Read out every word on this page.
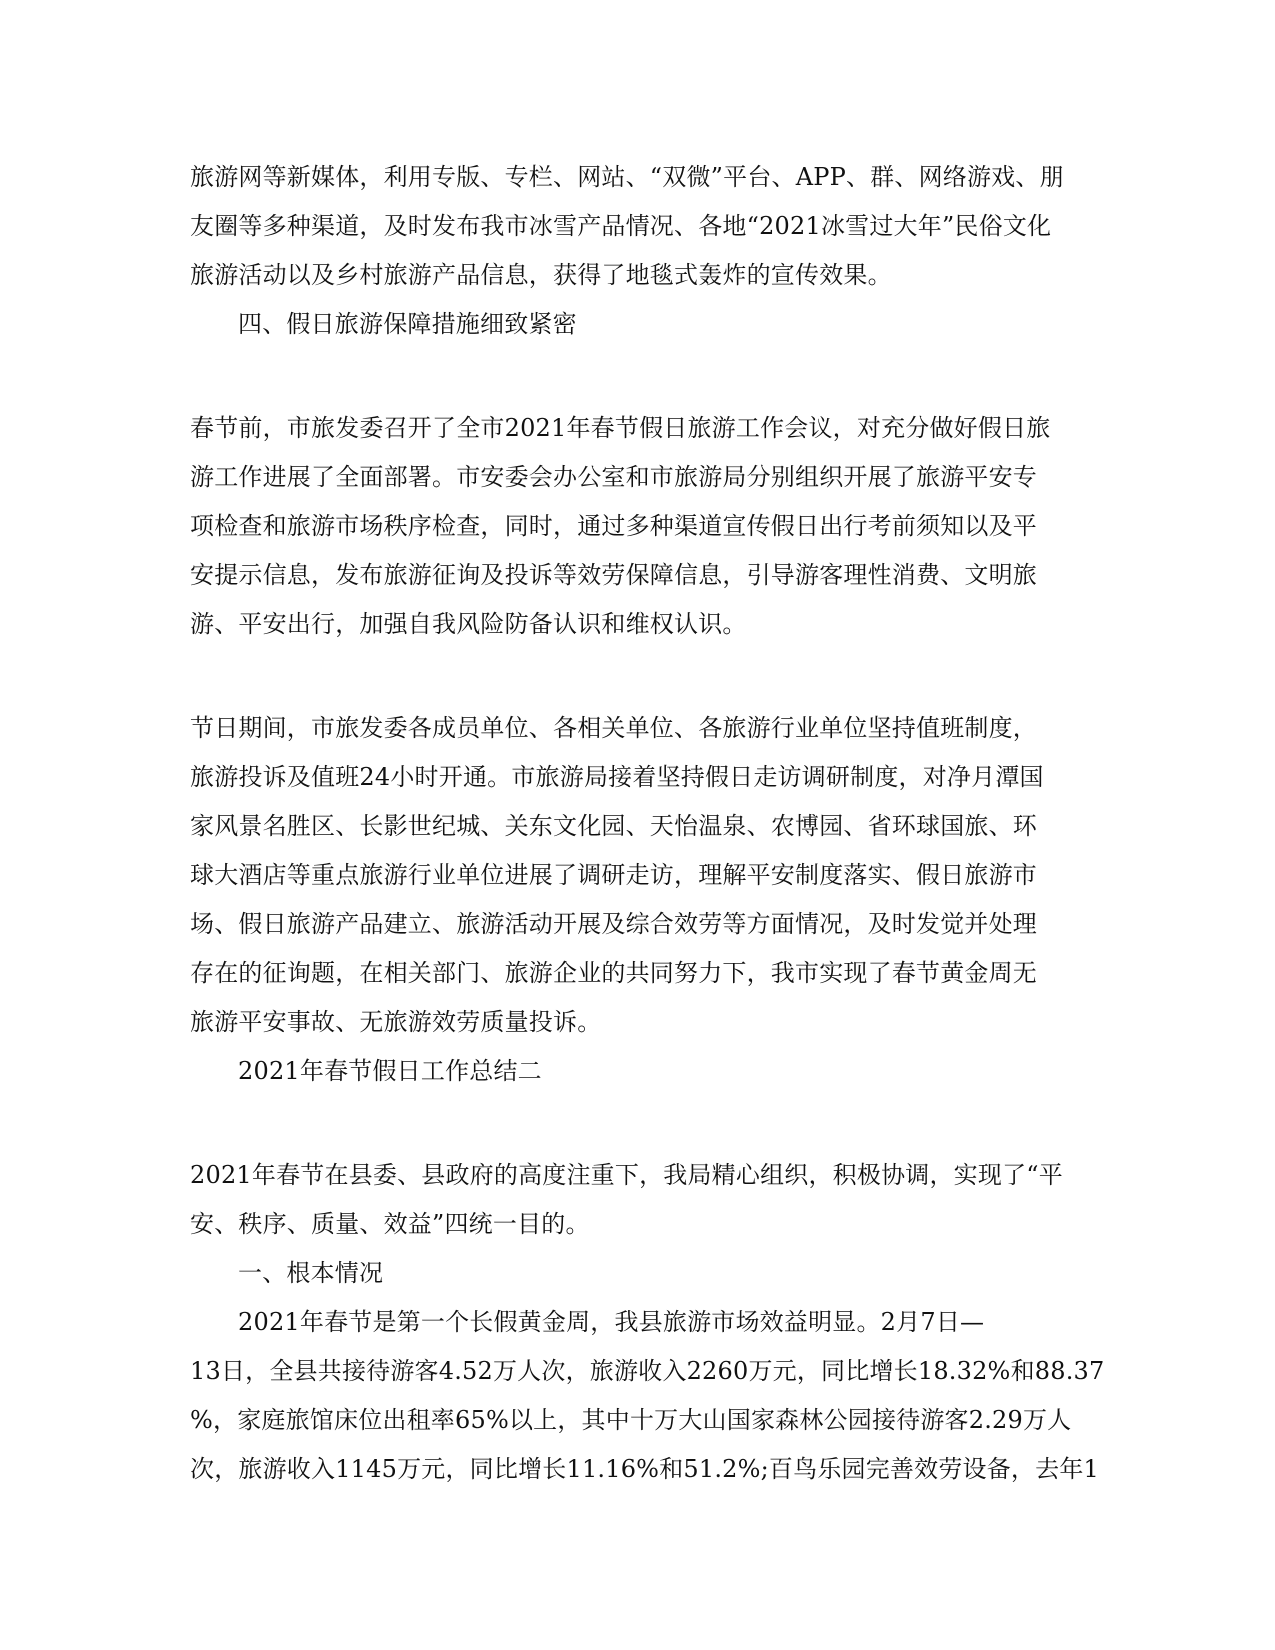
旅游网等新媒体，利用专版、专栏、网站、“双微”平台、APP、群、网络游戏、朋
友圈等多种渠道，及时发布我市冰雪产品情况、各地“2021冰雪过大年”民俗文化
旅游活动以及乡村旅游产品信息，获得了地毯式轰炸的宣传效果。
四、假日旅游保障措施细致紧密
春节前，市旅发委召开了全市2021年春节假日旅游工作会议，对充分做好假日旅
游工作进展了全面部署。市安委会办公室和市旅游局分别组织开展了旅游平安专
项检查和旅游市场秩序检查，同时，通过多种渠道宣传假日出行考前须知以及平
安提示信息，发布旅游征询及投诉等效劳保障信息，引导游客理性消费、文明旅
游、平安出行，加强自我风险防备认识和维权认识。
节日期间，市旅发委各成员单位、各相关单位、各旅游行业单位坚持值班制度，
旅游投诉及值班24小时开通。市旅游局接着坚持假日走访调研制度，对净月潭国
家风景名胜区、长影世纪城、关东文化园、天怡温泉、农博园、省环球国旅、环
球大酒店等重点旅游行业单位进展了调研走访，理解平安制度落实、假日旅游市
场、假日旅游产品建立、旅游活动开展及综合效劳等方面情况，及时发觉并处理
存在的征询题，在相关部门、旅游企业的共同努力下，我市实现了春节黄金周无
旅游平安事故、无旅游效劳质量投诉。
2021年春节假日工作总结二
2021年春节在县委、县政府的高度注重下，我局精心组织，积极协调，实现了“平
安、秩序、质量、效益”四统一目的。
一、根本情况
2021年春节是第一个长假黄金周，我县旅游市场效益明显。2月7日—
13日，全县共接待游客4.52万人次，旅游收入2260万元，同比增长18.32%和88.37
%，家庭旅馆床位出租率65%以上，其中十万大山国家森林公园接待游客2.29万人
次，旅游收入1145万元，同比增长11.16%和51.2%;百鸟乐园完善效劳设备，去年1
